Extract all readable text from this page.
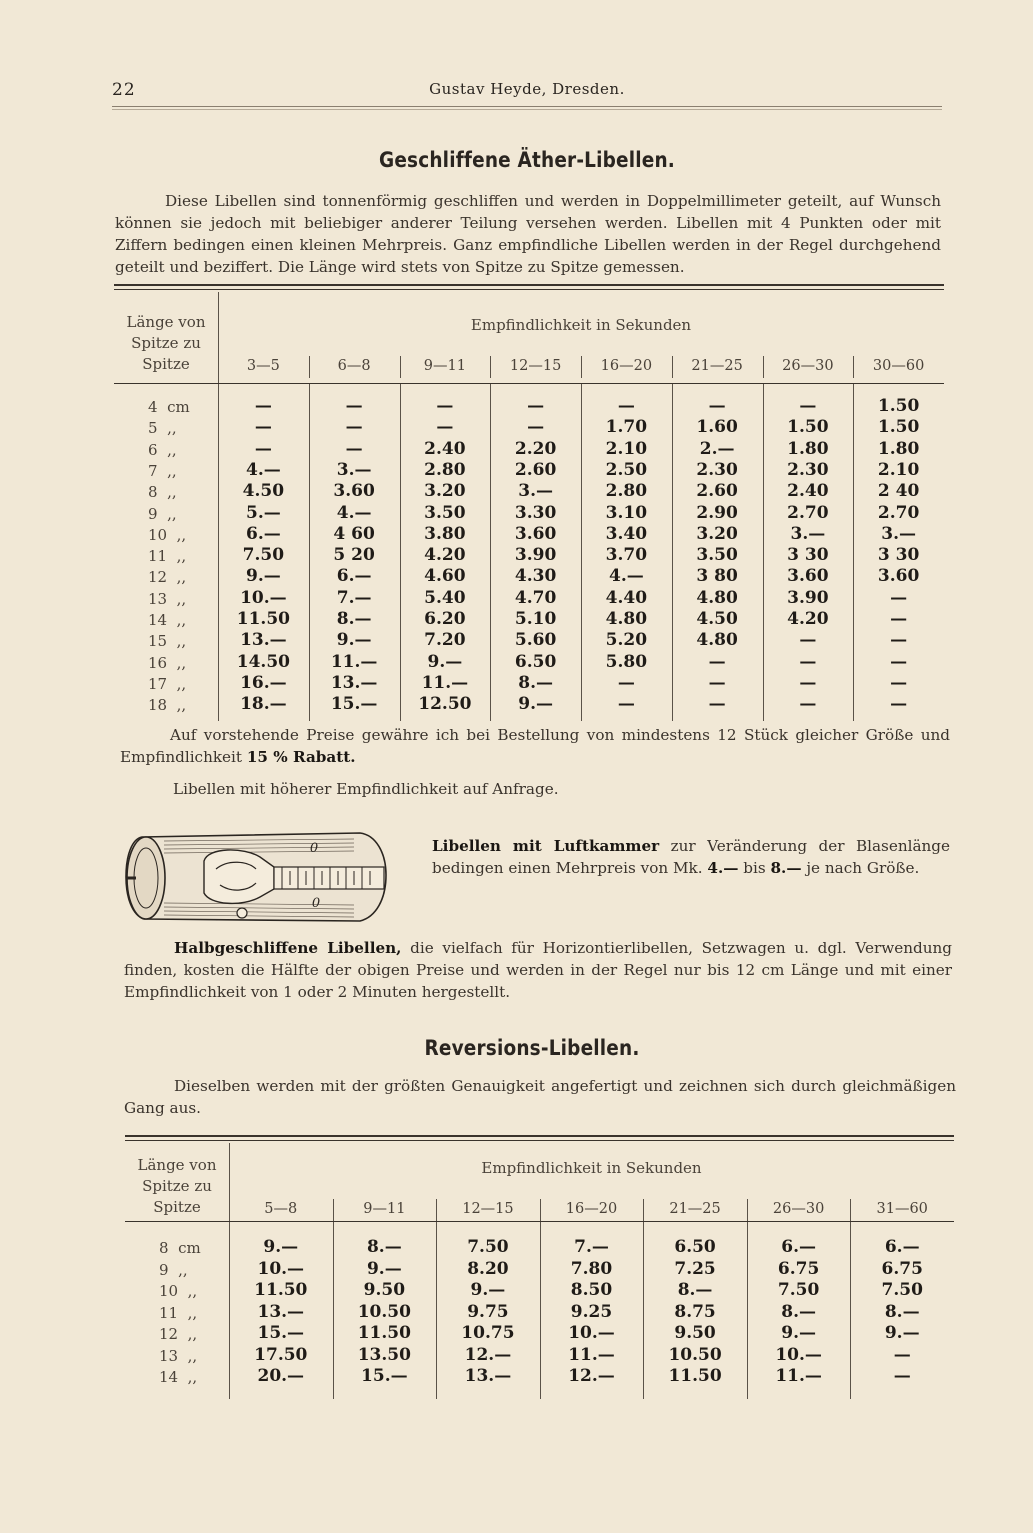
22	Gustav Heyde, Dresden.
Geschliffene Äther-Libellen.

Diese Libellen sind tonnenförmig geschliffen und werden in Doppelmillimeter geteilt, auf Wunsch können sie jedoch mit beliebiger anderer Teilung versehen werden. Libellen mit 4 Punkten oder mit Ziffern bedingen einen kleinen Mehrpreis. Ganz empfindliche Libellen werden in der Regel durchgehend geteilt und beziffert. Die Länge wird stets von Spitze zu Spitze gemessen.

Länge von
Spitze zu
Spitze
Empfindlichkeit in Sekunden
3—5	6—8	9—11	12—15	16—20	21—25	26—30	30—60
4  cm	—	—	—	—	—	—	—	1.50
5  ,,	—	—	—	—	1.70	1.60	1.50	1.50
6  ,,	—	—	2.40	2.20	2.10	2.—	1.80	1.80
7  ,,	4.—	3.—	2.80	2.60	2.50	2.30	2.30	2.10
8  ,,	4.50	3.60	3.20	3.—	2.80	2.60	2.40	2 40
9  ,,	5.—	4.—	3.50	3.30	3.10	2.90	2.70	2.70
10  ,,	6.—	4 60	3.80	3.60	3.40	3.20	3.—	3.—
11  ,,	7.50	5 20	4.20	3.90	3.70	3.50	3 30	3 30
12  ,,	9.—	6.—	4.60	4.30	4.—	3 80	3.60	3.60
13  ,,	10.—	7.—	5.40	4.70	4.40	4.80	3.90	—
14  ,,	11.50	8.—	6.20	5.10	4.80	4.50	4.20	—
15  ,,	13.—	9.—	7.20	5.60	5.20	4.80	—	—
16  ,,	14.50	11.—	9.—	6.50	5.80	—	—	—
17  ,,	16.—	13.—	11.—	8.—	—	—	—	—
18  ,,	18.—	15.—	12.50	9.—	—	—	—	—

Auf vorstehende Preise gewähre ich bei Bestellung von mindestens 12 Stück gleicher Größe und Empfindlichkeit 15 % Rabatt.

Libellen mit höherer Empfindlichkeit auf Anfrage.

0
0

Libellen mit Luftkammer zur Veränderung der Blasenlänge bedingen einen Mehrpreis von Mk. 4.— bis 8.— je nach Größe.

Halbgeschliffene Libellen, die vielfach für Horizontierlibellen, Setzwagen u. dgl. Verwendung finden, kosten die Hälfte der obigen Preise und werden in der Regel nur bis 12 cm Länge und mit einer Empfindlichkeit von 1 oder 2 Minuten hergestellt.

Reversions-Libellen.

Dieselben werden mit der größten Genauigkeit angefertigt und zeichnen sich durch gleichmäßigen Gang aus.

Länge von
Spitze zu
Spitze
Empfindlichkeit in Sekunden
5—8	9—11	12—15	16—20	21—25	26—30	31—60
8  cm	9.—	8.—	7.50	7.—	6.50	6.—	6.—
9  ,,	10.—	9.—	8.20	7.80	7.25	6.75	6.75
10  ,,	11.50	9.50	9.—	8.50	8.—	7.50	7.50
11  ,,	13.—	10.50	9.75	9.25	8.75	8.—	8.—
12  ,,	15.—	11.50	10.75	10.—	9.50	9.—	9.—
13  ,,	17.50	13.50	12.—	11.—	10.50	10.—	—
14  ,,	20.—	15.—	13.—	12.—	11.50	11.—	—
